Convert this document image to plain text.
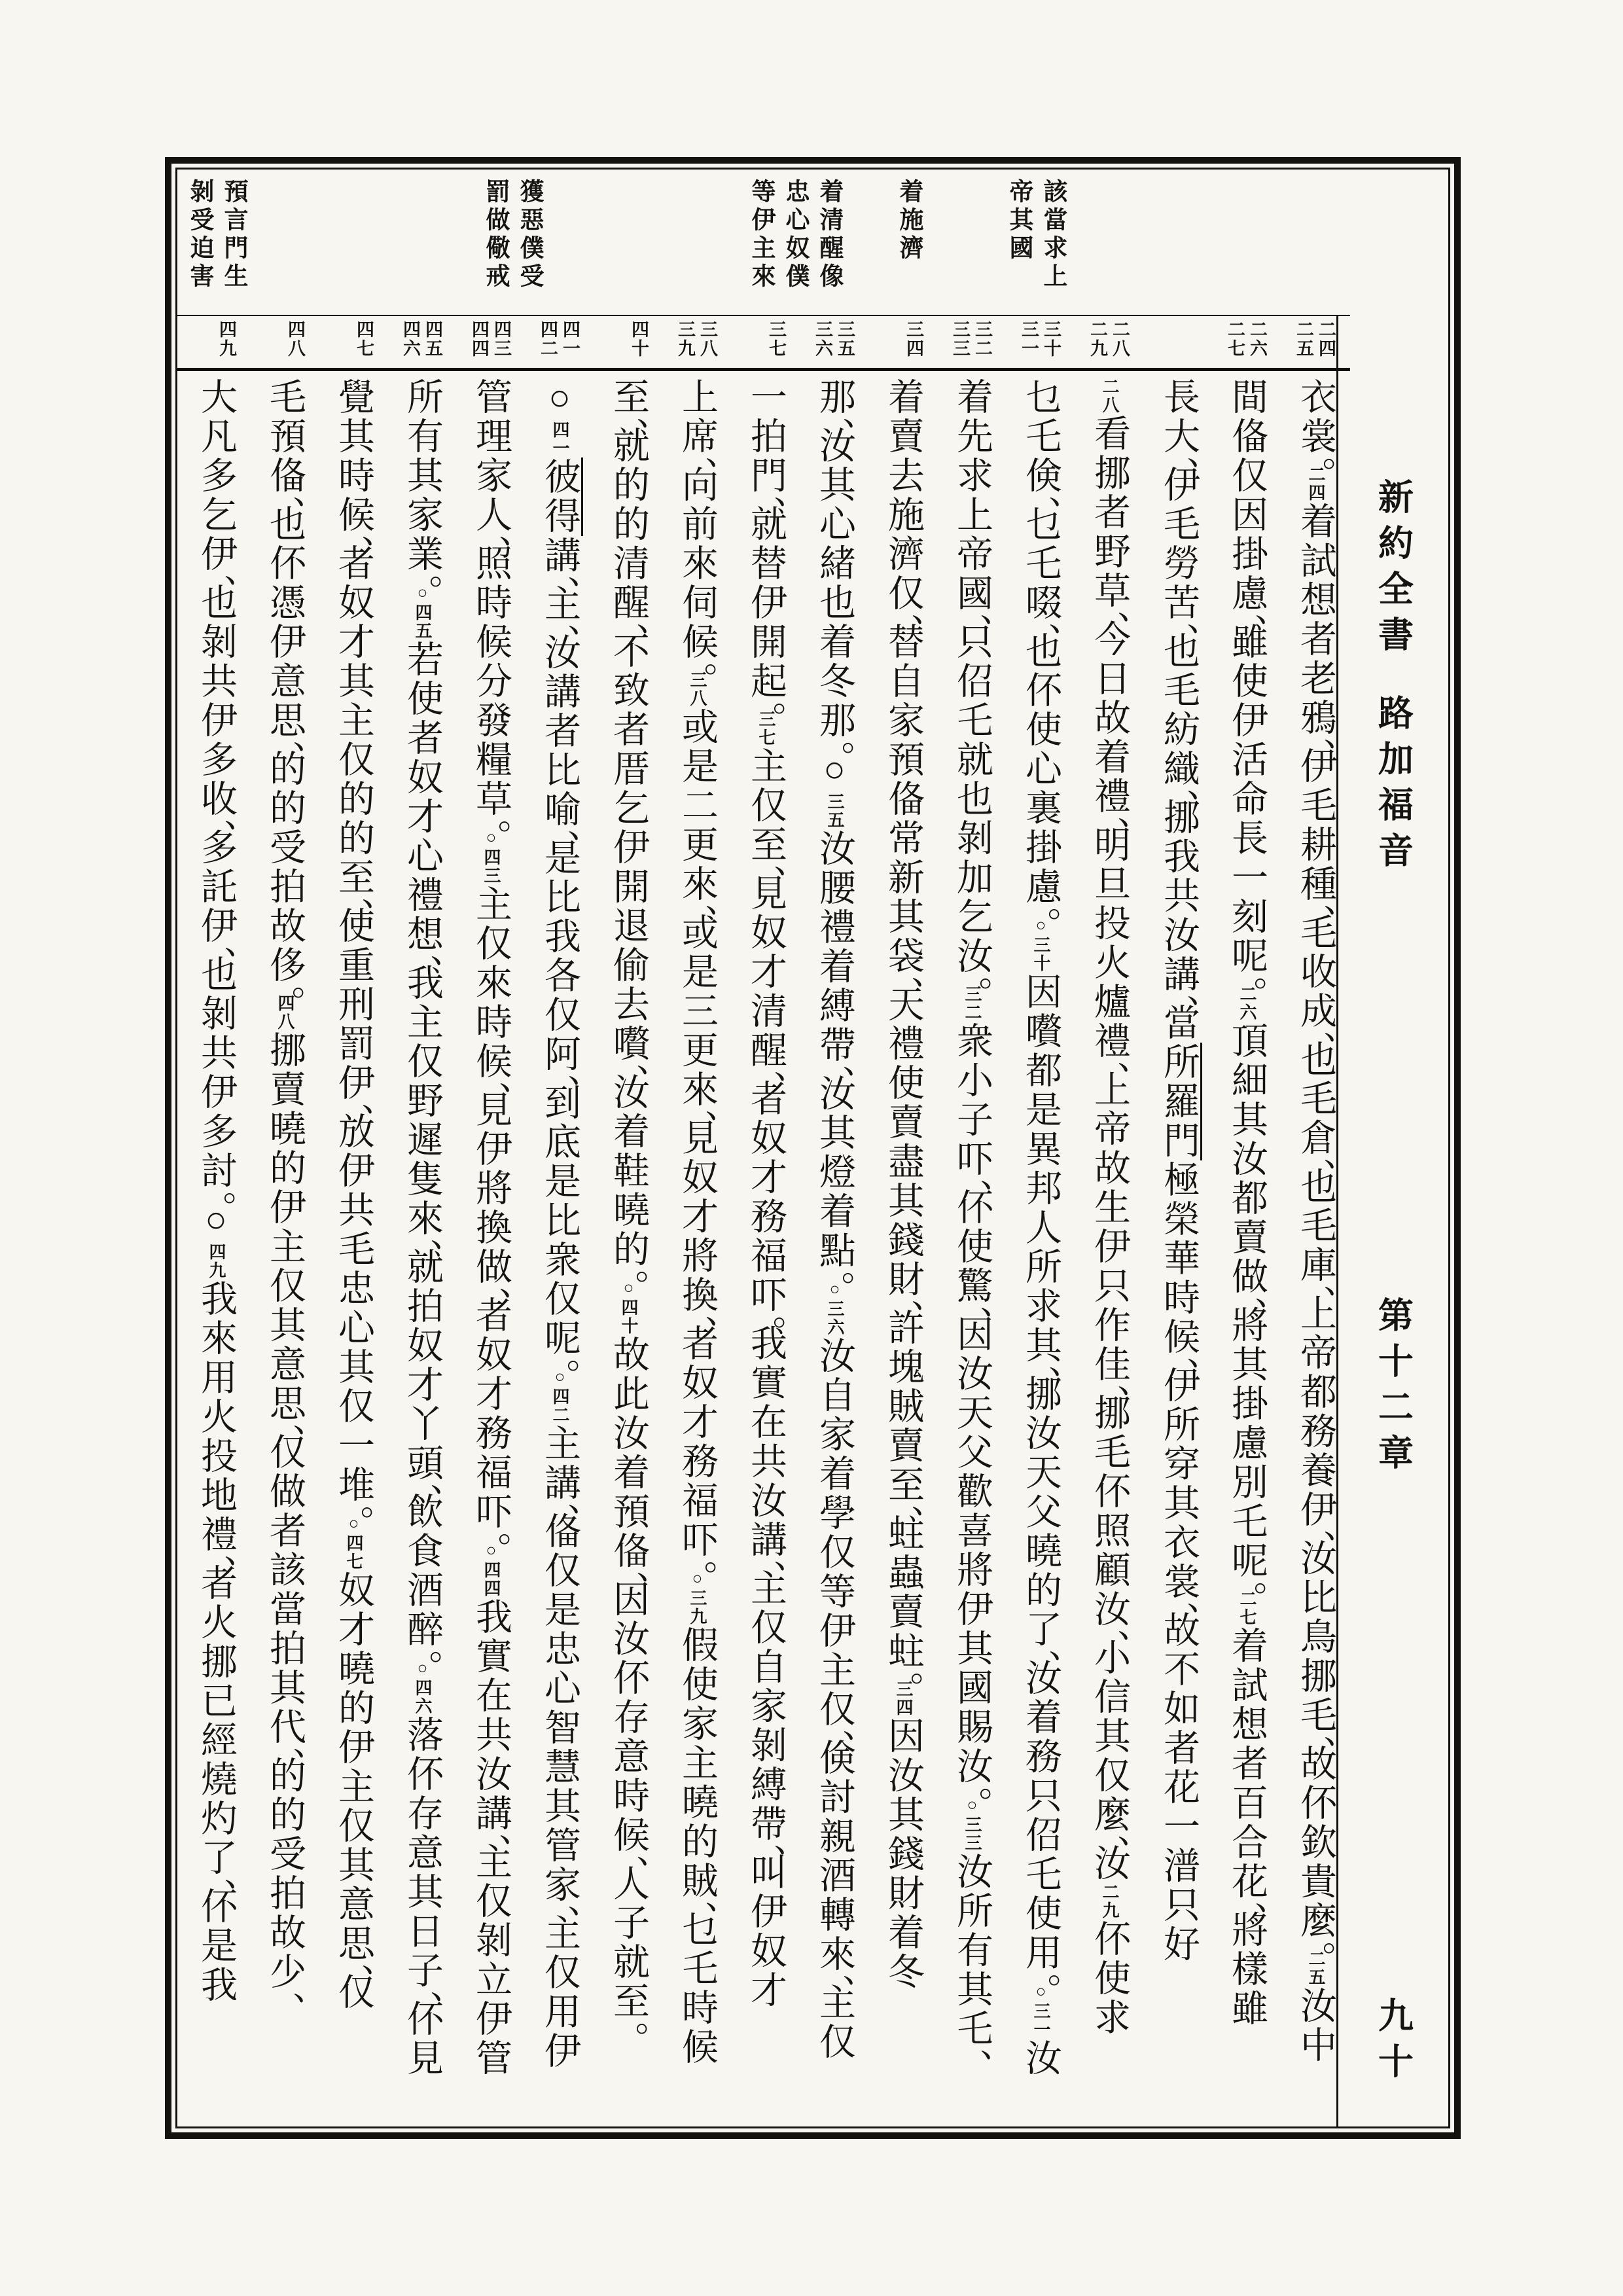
該當求上
帝其國
着施濟
着清醒像
忠心奴僕
等伊主來
獲惡僕受
罰做儆戒
預言門生
剝受迫害
二四
二五
二六
二七
二八
二九
三十
三一
三二
三三
三四
三五
三六
三七
三八
三九
四十
四一
四二
四三
四四
四五
四六
四七
四八
四九
新約全書
路加福音
第十二章
九十
衣裳。二四着試想者老鴉、伊毛耕種、毛收成、也毛倉、也毛庫、上帝都務養伊、汝比鳥挪毛、故伓欽貴麼。二五汝中
間俻仅因掛慮、雖使伊活命長一刻呢。二六頂細其汝都賣做、將其掛慮別乇呢。二七着試想者百合花、將樣雖
長大、伊毛勞苦、也毛紡織、挪我共汝講、當所羅門極榮華時候、伊所穿其衣裳、故不如者花一潽只好
二八看挪者野草、今日故着禮、明旦投火爐禮、上帝故生伊只作佳、挪毛伓照顧汝、小信其仅麼、汝二九伓使求
乜乇倹、乜乇啜、也伓使心裏掛慮。○三十因嚽都是異邦人所求其、挪汝天父曉的了、汝着務只佋乇使用。○三一汝
着先求上帝國、只佋乇就也剝加乞汝。三二衆小子吓、伓使驚、因汝天父歡喜將伊其國賜汝。○三三汝所有其乇、
着賣去施濟仅、替自家預俻常新其袋、天禮使賣盡其錢財、許塊賊賣至、蛀蟲賣蛀。三四因汝其錢財着冬
那、汝其心緒也着冬那。○三五汝腰禮着縛帶、汝其燈着點。○三六汝自家着學仅等伊主仅、倹討親酒轉來、主仅
一拍門、就替伊開起。三七主仅至、見奴才清醒、者奴才務福吓。我實在共汝講、主仅自家剝縛帶、叫伊奴才
上席、向前來伺候。三八或是二更來、或是三更來、見奴才將換、者奴才務福吓。○三九假使家主曉的賊、乜乇時候
至、就的的清醒、不致者厝乞伊開退偷去嚽、汝着鞋曉的。○四十故此汝着預俻、因汝伓存意時候、人子就至。
○四一彼得講、主、汝講者比喻、是比我各仅阿、到底是比衆仅呢。○四二主講、俻仅是忠心智慧其管家、主仅用伊
管理家人、照時候分發糧草。○四三主仅來時候、見伊將換做、者奴才務福吓。○四四我實在共汝講、主仅剝立伊管
所有其家業。○四五若使者奴才心禮想、我主仅野遲隻來、就拍奴才丫頭、飲食酒醉。○四六落伓存意其日子、伓見
覺其時候、者奴才其主仅的的至、使重刑罰伊、放伊共毛忠心其仅一堆。○四七奴才曉的伊主仅其意思、仅
毛預俻、也伓憑伊意思、的的受拍故侈。四八挪賣曉的伊主仅其意思、仅做者該當拍其代、的的受拍故少、
大凡多乞伊、也剝共伊多收、多託伊、也剝共伊多討。○四九我來用火投地禮、者火挪已經燒灼了、伓是我
